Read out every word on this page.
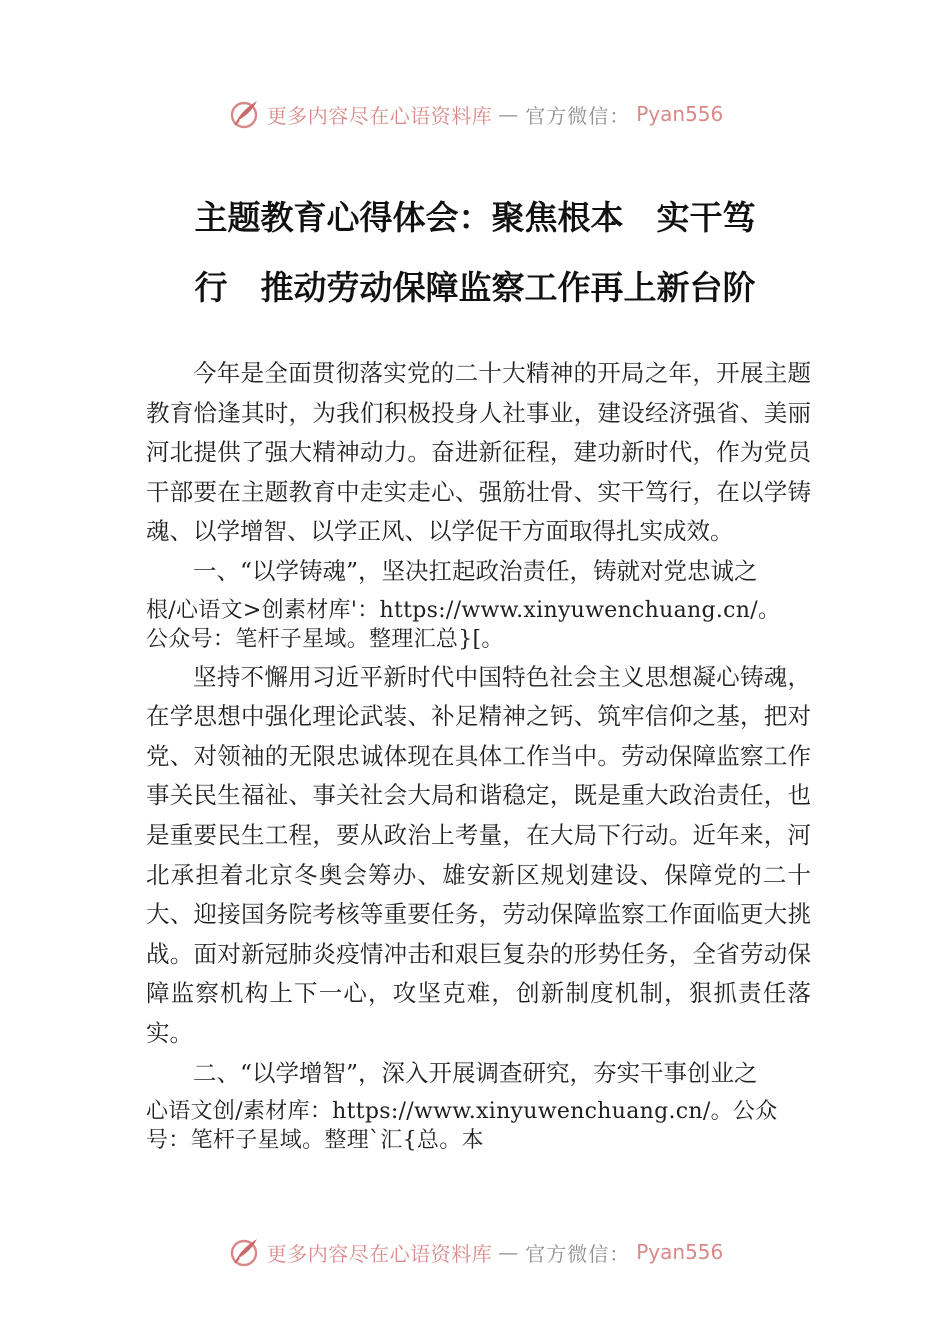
更多内容尽在心语资料库 — 官方微信： Pyan556
主题教育心得体会：聚焦根本　实干笃
行　推动劳动保障监察工作再上新台阶

今年是全面贯彻落实党的二十大精神的开局之年，开展主题教育恰逢其时，为我们积极投身人社事业，建设经济强省、美丽河北提供了强大精神动力。奋进新征程，建功新时代，作为党员干部要在主题教育中走实走心、强筋壮骨、实干笃行，在以学铸魂、以学增智、以学正风、以学促干方面取得扎实成效。

一、“以学铸魂”，坚决扛起政治责任，铸就对党忠诚之

根/心语文>创素材库'：https://www.xinyuwenchuang.cn/。
公众号：笔杆子星域。整理汇总}[。

坚持不懈用习近平新时代中国特色社会主义思想凝心铸魂，在学思想中强化理论武装、补足精神之钙、筑牢信仰之基，把对党、对领袖的无限忠诚体现在具体工作当中。劳动保障监察工作事关民生福祉、事关社会大局和谐稳定，既是重大政治责任，也是重要民生工程，要从政治上考量，在大局下行动。近年来，河北承担着北京冬奥会筹办、雄安新区规划建设、保障党的二十大、迎接国务院考核等重要任务，劳动保障监察工作面临更大挑战。面对新冠肺炎疫情冲击和艰巨复杂的形势任务，全省劳动保障监察机构上下一心，攻坚克难，创新制度机制，狠抓责任落实。

二、“以学增智”，深入开展调查研究，夯实干事创业之

心语文创/素材库：https://www.xinyuwenchuang.cn/。公众
号：笔杆子星域。整理`汇{总。本
更多内容尽在心语资料库 — 官方微信： Pyan556
